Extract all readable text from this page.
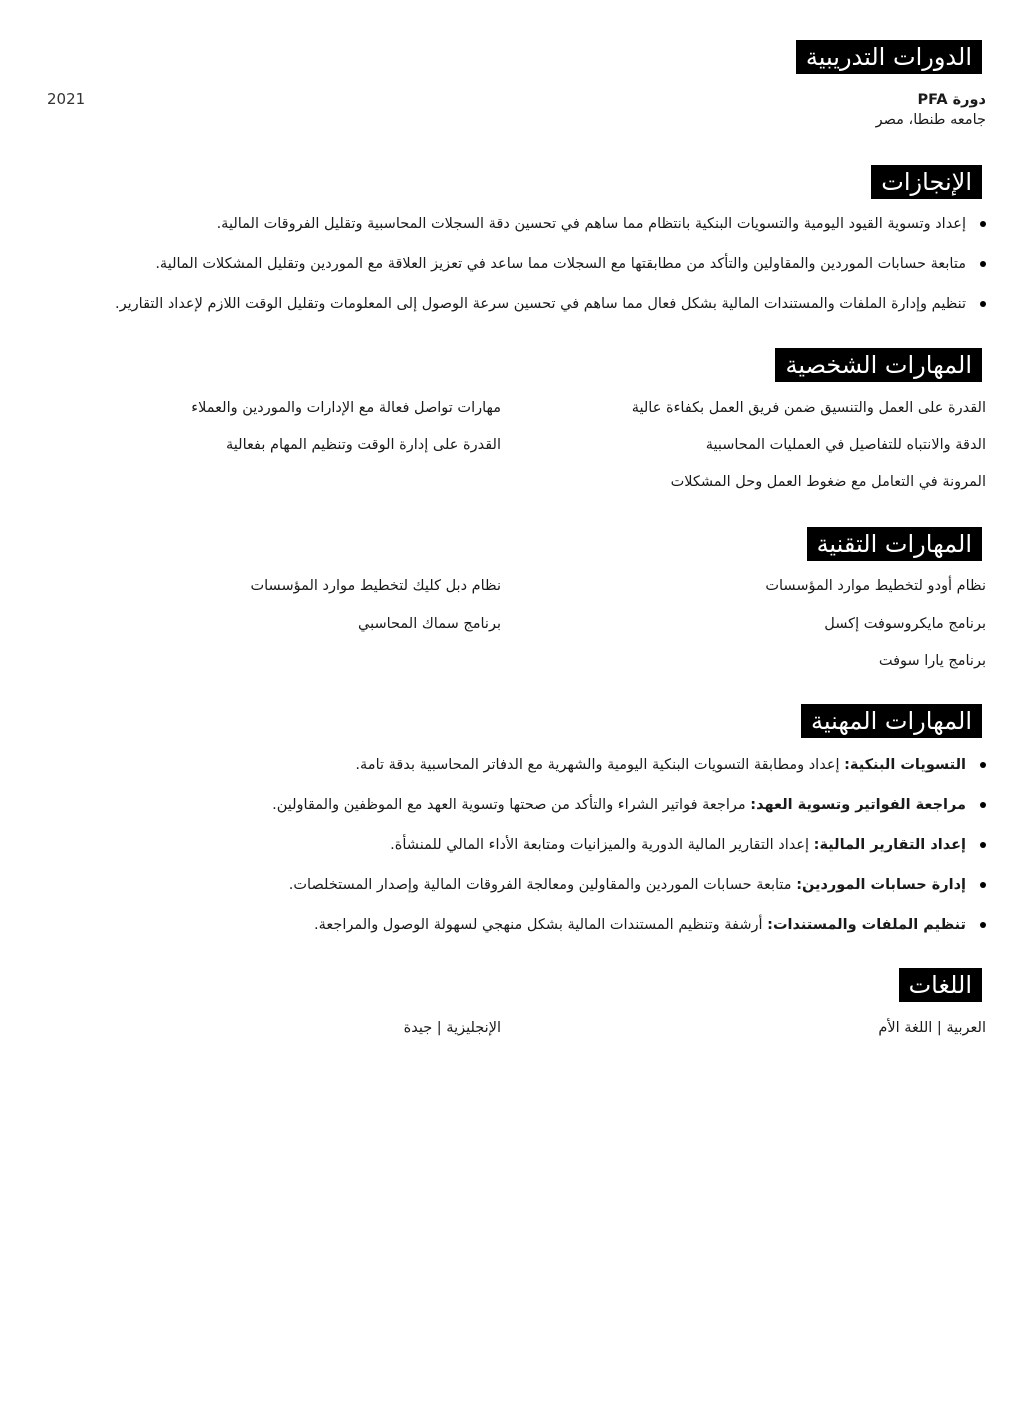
الدورات التدريبية
دورة PFA
جامعه طنطا، مصر
2021
الإنجازات
إعداد وتسوية القيود اليومية والتسويات البنكية بانتظام مما ساهم في تحسين دقة السجلات المحاسبية وتقليل الفروقات المالية.
متابعة حسابات الموردين والمقاولين والتأكد من مطابقتها مع السجلات مما ساعد في تعزيز العلاقة مع الموردين وتقليل المشكلات المالية.
تنظيم وإدارة الملفات والمستندات المالية بشكل فعال مما ساهم في تحسين سرعة الوصول إلى المعلومات وتقليل الوقت اللازم لإعداد التقارير.
المهارات الشخصية
القدرة على العمل والتنسيق ضمن فريق العمل بكفاءة عالية
الدقة والانتباه للتفاصيل في العمليات المحاسبية
المرونة في التعامل مع ضغوط العمل وحل المشكلات
مهارات تواصل فعالة مع الإدارات والموردين والعملاء
القدرة على إدارة الوقت وتنظيم المهام بفعالية
المهارات التقنية
نظام أودو لتخطيط موارد المؤسسات
برنامج مايكروسوفت إكسل
برنامج يارا سوفت
نظام دبل كليك لتخطيط موارد المؤسسات
برنامج سماك المحاسبي
المهارات المهنية
التسويات البنكية: إعداد ومطابقة التسويات البنكية اليومية والشهرية مع الدفاتر المحاسبية بدقة تامة.
مراجعة الفواتير وتسوية العهد: مراجعة فواتير الشراء والتأكد من صحتها وتسوية العهد مع الموظفين والمقاولين.
إعداد التقارير المالية: إعداد التقارير المالية الدورية والميزانيات ومتابعة الأداء المالي للمنشأة.
إدارة حسابات الموردين: متابعة حسابات الموردين والمقاولين ومعالجة الفروقات المالية وإصدار المستخلصات.
تنظيم الملفات والمستندات: أرشفة وتنظيم المستندات المالية بشكل منهجي لسهولة الوصول والمراجعة.
اللغات
العربية | اللغة الأم
الإنجليزية | جيدة
